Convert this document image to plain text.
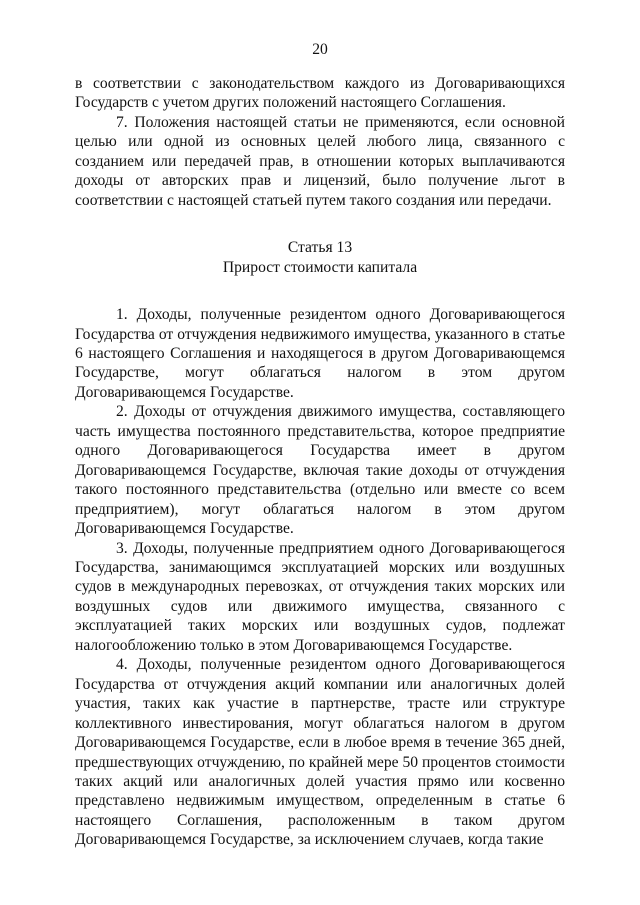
20

в соответствии с законодательством каждого из Договаривающихся Государств с учетом других положений настоящего Соглашения.

7. Положения настоящей статьи не применяются, если основной целью или одной из основных целей любого лица, связанного с созданием или передачей прав, в отношении которых выплачиваются доходы от авторских прав и лицензий, было получение льгот в соответствии с настоящей статьей путем такого создания или передачи.

Статья 13
Прирост стоимости капитала

1. Доходы, полученные резидентом одного Договаривающегося Государства от отчуждения недвижимого имущества, указанного в статье 6 настоящего Соглашения и находящегося в другом Договаривающемся Государстве, могут облагаться налогом в этом другом Договаривающемся Государстве.

2. Доходы от отчуждения движимого имущества, составляющего часть имущества постоянного представительства, которое предприятие одного Договаривающегося Государства имеет в другом Договаривающемся Государстве, включая такие доходы от отчуждения такого постоянного представительства (отдельно или вместе со всем предприятием), могут облагаться налогом в этом другом Договаривающемся Государстве.

3. Доходы, полученные предприятием одного Договаривающегося Государства, занимающимся эксплуатацией морских или воздушных судов в международных перевозках, от отчуждения таких морских или воздушных судов или движимого имущества, связанного с эксплуатацией таких морских или воздушных судов, подлежат налогообложению только в этом Договаривающемся Государстве.

4. Доходы, полученные резидентом одного Договаривающегося Государства от отчуждения акций компании или аналогичных долей участия, таких как участие в партнерстве, трасте или структуре коллективного инвестирования, могут облагаться налогом в другом Договаривающемся Государстве, если в любое время в течение 365 дней, предшествующих отчуждению, по крайней мере 50 процентов стоимости таких акций или аналогичных долей участия прямо или косвенно представлено недвижимым имуществом, определенным в статье 6 настоящего Соглашения, расположенным в таком другом Договаривающемся Государстве, за исключением случаев, когда такие
